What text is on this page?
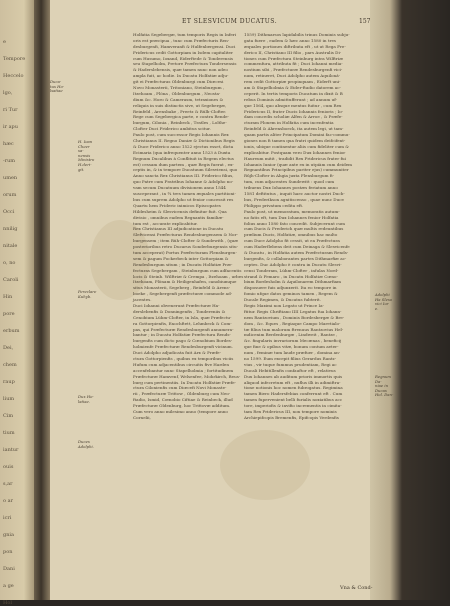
e
Tempore
Heccelo
lgo,
ri Tur
ir apu
hæc
-rum
umen
orum
Occi
nnilig
nitale
o, no
Caroli
Hin
pore
erbum
Dei,
chem
raup
lium
Cim
tium
iantur
ouis
s,ar
o ar
icri
gnia
pon
Dani
a ge
Hol
ET SLESVICUM DUCATUS.	157
Holfatia Segebergæ, tum temporis Regis in Inferi
oris est præcipua , tunc cum Præfecturis Ren-
desburgenfi, Hamveranfi & Hulfenbergensi. Duci
Fridericus cedit Gottorpiam in Isdem capitaliter
cum Husumo, Ioxand, Eiderftede & Tonderensis
seu Stapelholm, Pretore Præfectura Tondersensis
& Haderslebensis, quæ tamen nunc non adeo
ampla fuit, ac hodie. In Ducatu Holfatiæ adju-
git ei Præfecturas Oldenburgi cum Diœcesi
Novo Monasterii, Tritoniano, Steinburgum ,
Itzehoam , Plöna , Oldenburgum , Neosta-
dium &c. Horo & Camerasm, tetraxiones &
reliquis in suis distinctis sive, ut Segebergæ,
Reinfeld , Arensbake , Preetz & Rülh-Clofter.
Rege cum Segebergica parte, e contra Rende-
burgum, Cilonia , Reinbeck , Tratles , Lolthe-
Clofter Duci Friderico ambitus scitur.
Paulo post, cum successor Regis Iohannis Rex
Christianus II. Regno Daniæ & Dictionibus Regis
& Duce Friderico anno 1522 ejectus esset, dicta
Ecimaria (qua infrequenter anno 1523 à Duxta
Regnum Ducalibus à Conflituit in Regem electus
est) cessam dum partem , quæ Regis fuerat , ex-
ceptis in, & in tempore Ducatuum Silesviensi, quo
Anno sancta Rex Christianus III. Friderico filius,
quo Patre cum Fratribus Iohanne & Adolpho no-
vam secum Ducatuum divisionem anno 1544
susceperant , in ¾ tres tamen æquales partitioni-
bus cum suprem Adolpho ut fenior concessit res
Quartu hem Frideric inimicos Episcopates
Hildesheim & Slesvicensis definitur fuit. Qua
divisio , omnibus eadem Regnantis familiæ-
tum est , accurate explicabitur.
Rex Christianus III adjudicatione in Ducatu
Slefvicensi Præfecturas Rendesburgensem & Nor-
burgensem ; item Rüh-Clofter & Sundewith , (quæ
posterioribus retro Ducarus Sonderburgensis situ-
tum acceperat) Portus Præfecturam Flensburgen-
sem & pagum Fockerbeck inter Gottorpiam &
Rendesburgum situm ; in Ducatu Holfatiæ Præ-
fecturas Segebergam , Steinburgum cum adfacentis
locis & Steinb. Wilftriæ & Crempa , Itzehoam , urbes
Itzehoam, Plönam & Heiligenhafen, canobiumque
situs Monasterii, Segeberg , Reinfeld & Arens-
boeke , Segebergenfi præfecturæ commode ad-
jacentes.
Duci Iohanni obvenerunt Præfecturæ Ha-
derslebenfis & Donningenfis , Tondereniis &
Cenobium Lühm-Clofter, in Isla, quæ Præfectu-
ra Gottorpienfis, Enochftett, Lehmbeck & Com-
pas, qui Præfecturæ Rendesburgenfi annumera-
bantur ; in Ducatu Holfatiæ Præfectura Rends-
burgenfis cum dicto pago & Cœnobium Bordes-
holmienfe Præfecturæ Rendesburgenfi vicinum.
Duci Adolpho adjudicata fuit Arx & Præfe-
ctura Gottorpienfis , quibus ex temporibus viciis
Hufum cum adjacentibus circuitis five Harden
accenfebantur nunc Stapelholmia ; fortitudinem
Præfecturæ Hamvenf, Welsenfee, Mohrkirch, Beus-
burg cum pertinentiis. In Ducatu Holfatiæ Præfe-
ctura Cilonienfis cum Diœcefi Novi Monaste-
rii , Præfecturæ Trittow , Oldenburg cum Neo-
ftadio, Ismid, Cœnobio Ciftiae & Reinbeck, illud
Præfecturæ Oldenburg, hoc Trittovæ additum.
Cum vero anno milesimo anno (tempore anno
Cornelii,
1559) Dithmarsos lapidabilis trinus Dominis subju-
gata fuere , eadem & hæc anno 1580 in tres
æquales portiones diftributa eft , ut ut Rega Fre-
derico II, Christiano III filio , pars Australis Di-
tiones cum Præfectura Steinburg intra Wilftriæ
commenfura, attributa fit ; Duci Iohanni media-
nostium sibi , Præfecturæ Rendesburgenfi vici-
num, retineret, Duci Adolpho autem Aquiloná-
rem cedit Gottorpiæ propinquam , Eiderft uni-
am & Stapelholmia & Eider-ftadio datorem ac-
ceperit. In tertis temporis Ducatum in dixit & B
rebus Dominis admittufferunt ; ad annum uf-
que 1564, quo absque mentus fuitur , cum Rex
Fridericus II, frater Ducis Iohannis fenioris ; Io-
dam concedis scholiæ Alfen & Arroe , & Præfe-
cturam Plonem in Holfatia cum incenfentia
Reinfeld & Ahrensboeck, ita autem legi, ut tam-
quam partis aliter Principatum Domini fac-commu-
giones non fi tamen qua fratri quidem deifcifent-
ionis, ubique continentur aliis cum fideliter cum &
explicabitur. Postquam vero Dux Iohannes fenior
Haureum mitit , tradidit Rex Fridericus frater fui
Iohannis Iunior (quæ ante ex in utpiàm cum deidem
Regnantibus Principibus pariter ejus) cummuniter
Rûjh-Clofter in Ahgia juxta Flensburgum fi-
tum, cum adjacentes Sundewitt : quod cum
tribuens Dux Iohannes postæs feriatum anno
1581 deftitutus , inquit haec auctor nostri Ducb-
bus, Frederikson agnitiscenso , quae nunc Duce
Philippo privatum cedita eft.
Paulo post, ut memoratum, memoratis autum-
no fatis eft, tum Dux Iohannes fenior Holfatia
folius anno 1580 fato concedit. Subjecerunt cum
cum Ducis & Frederich quæ multis redeuntibus
prælium Ducis, Holfatiæ, omnibus hac multo
cum Duce Adolpho fit cessit, ut ea Præfectura
cum Haderflebens deit cum Deinaga & Slesvicenfe
& Ducatu , in Holfatia autem Præfecturam Rends-
burgenfis, & collaborantes partes Dithmarfiæ ac-
ceptes. Duc Adolpho è contra in Ducatu Slesvi-
censi Tonderam, Lühm-Clofter , infulas Nord-
strand & Femaro , in Ducatu Holfatiæ Cœno-
bium Bordesholm & Aquilonarem Dithmarfiam
disposuere fuis adjunxerit. Ita eo tempore in
fomio ufque datos geminos tamen , Regem &
Ducale Regimen, & Ducatus fubterit.
Regis Maximi non Legato ut Prince Ia-
ftitur. Regis Chriftiano IIII Legatus fua Iohann-
nem Rantzovium , Dominis Bordesbergæ & Bre-
dom , &c. Eques , Regiaque Campo Maretialo-
tæ filius tum malorum ftrenuus Rantzovius Hel-
mdicenim Berdenburgæ , Lindweit , Rantze ,
&c. fingularis invrariorum Mecænas , beneficij
que fine & opibus vitæ, bonum contum aeter-
num , feminæ tum laude præfuer , domina an-
no 1599. Eum excepit filius Gerardus Rantz-
vius , vir tuque fummus prudentiam, Regi ac
Ducali Hebitillenfis confauftor eft , relativus
Dux Iohannes ab auditum prioris immortis quis
aliquod infecretum eft , nuflus illi in adimiftra-
tione notionis hoc nomen fubrogatus. Regimina
tamen Biero Hadersfebias conferrunt eft . Cum
tamen fupervenient belli furialis noxiatibus acc
tore, imperiofis & invifio incrementis in cimita-
tam Rex Fridericus III, non tempore nominis
Archiepifcopis Bremenfis, Epifcopis Verdenfis
Duca-
tus Ho-
lsatiae
H. Ioan
Cheer
sa-
nensis
Ministro
H.deri-
git.
Pereclare
Kuhyb.
Dux Ho-
latiae.
Duces
Adolphi.
Adolphi
Ha Sleso
vici Iur
e.
Regnum Da-
niae in Ducas
Hol. Dan-
Vna & Cond-
